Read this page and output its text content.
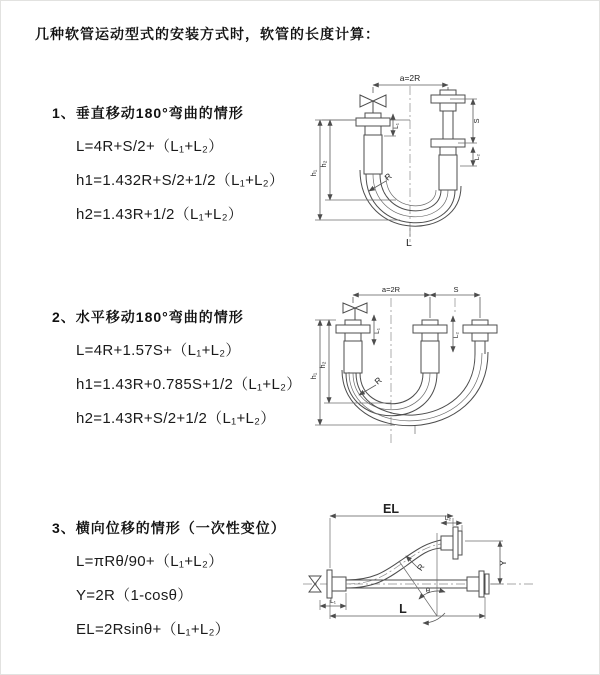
几种软管运动型式的安装方式时，软管的长度计算：
1、垂直移动180°弯曲的情形
L=4R+S/2+（L₁+L₂）
h1=1.432R+S/2+1/2（L₁+L₂）
h2=1.43R+1/2（L₁+L₂）
2、水平移动180°弯曲的情形
L=4R+1.57S+（L₁+L₂）
h1=1.43R+0.785S+1/2（L₁+L₂）
h2=1.43R+S/2+1/2（L₁+L₂）
3、横向位移的情形（一次性变位）
L=πRθ/90+（L₁+L₂）
Y=2R（1-cosθ）
EL=2Rsinθ+（L₁+L₂）
a=2R
h₁
h₂
L₁
S
L₂
R
L
a=2R	S
h₁
h₂
L₁
L₂
R
θ
R
EL
L₂
Y
L
L₁
